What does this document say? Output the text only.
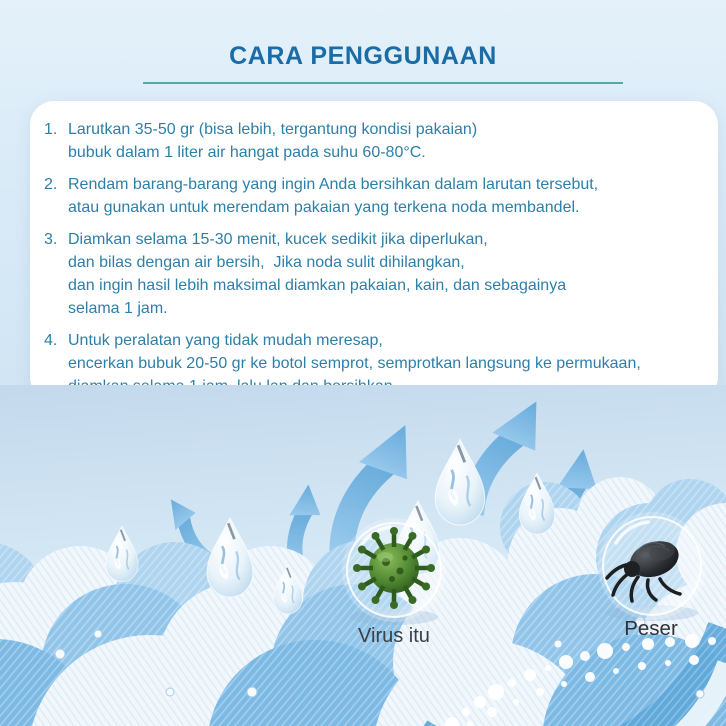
CARA PENGGUNAAN
1. Larutkan 35-50 gr (bisa lebih, tergantung kondisi pakaian)
bubuk dalam 1 liter air hangat pada suhu 60-80°C.
2. Rendam barang-barang yang ingin Anda bersihkan dalam larutan tersebut,
atau gunakan untuk merendam pakaian yang terkena noda membandel.
3. Diamkan selama 15-30 menit, kucek sedikit jika diperlukan,
dan bilas dengan air bersih,  Jika noda sulit dihilangkan,
dan ingin hasil lebih maksimal diamkan pakaian, kain, dan sebagainya
selama 1 jam.
4. Untuk peralatan yang tidak mudah meresap,
encerkan bubuk 20-50 gr ke botol semprot, semprotkan langsung ke permukaan,
Virus itu	Peser
